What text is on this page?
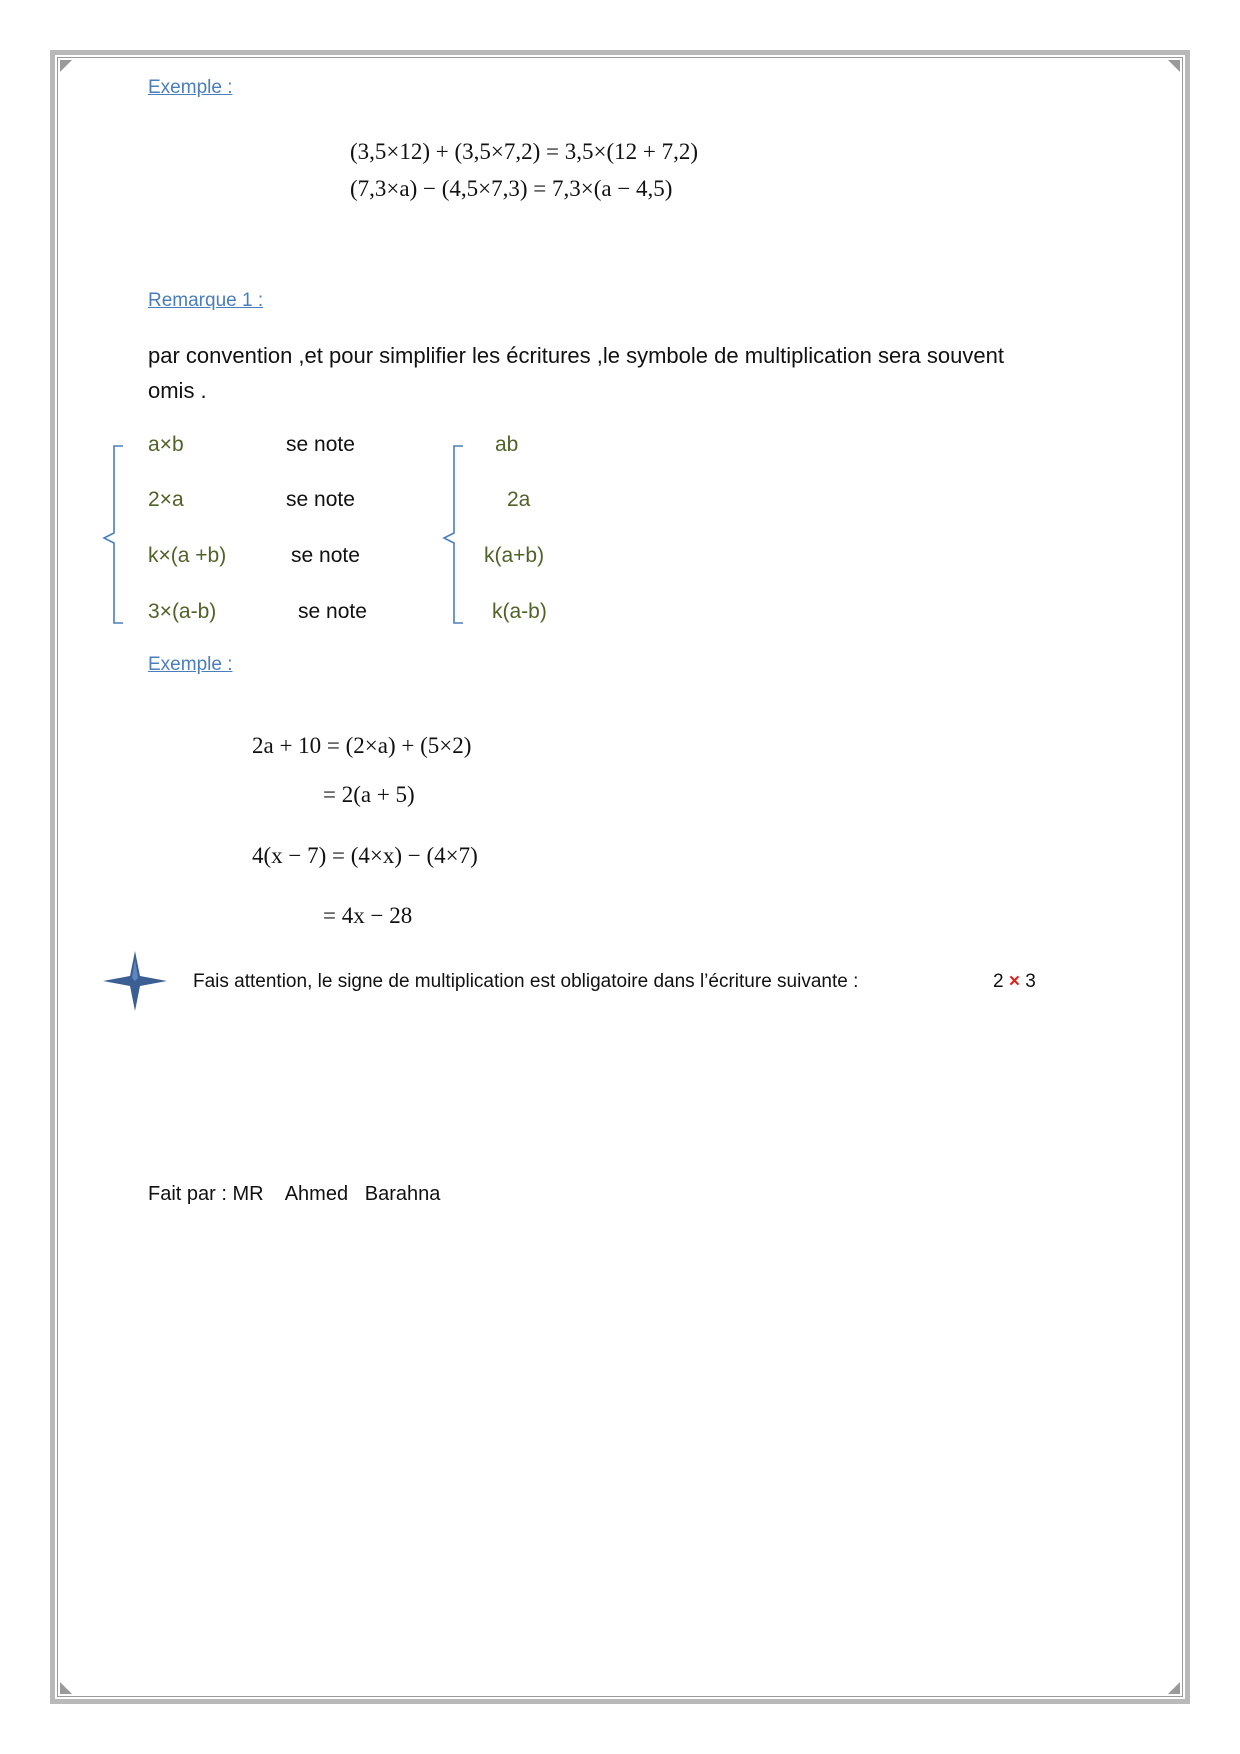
Exemple :
(3,5×12) + (3,5×7,2) = 3,5×(12 + 7,2)
(7,3×a) − (4,5×7,3) = 7,3×(a − 4,5)
Remarque 1 :
par convention ,et pour simplifier les écritures ,le symbole de multiplication sera souvent
omis .
a×b	se note	ab
2×a	se note	2a
k×(a +b)	se note	k(a+b)
3×(a-b)	se note	k(a-b)
Exemple :
2a + 10 = (2×a) + (5×2)
= 2(a + 5)
4(x − 7) = (4×x) − (4×7)
= 4x − 28
Fais attention, le signe de multiplication est obligatoire dans l’écriture suivante :	2 × 3
Fait par : MR    Ahmed   Barahna
